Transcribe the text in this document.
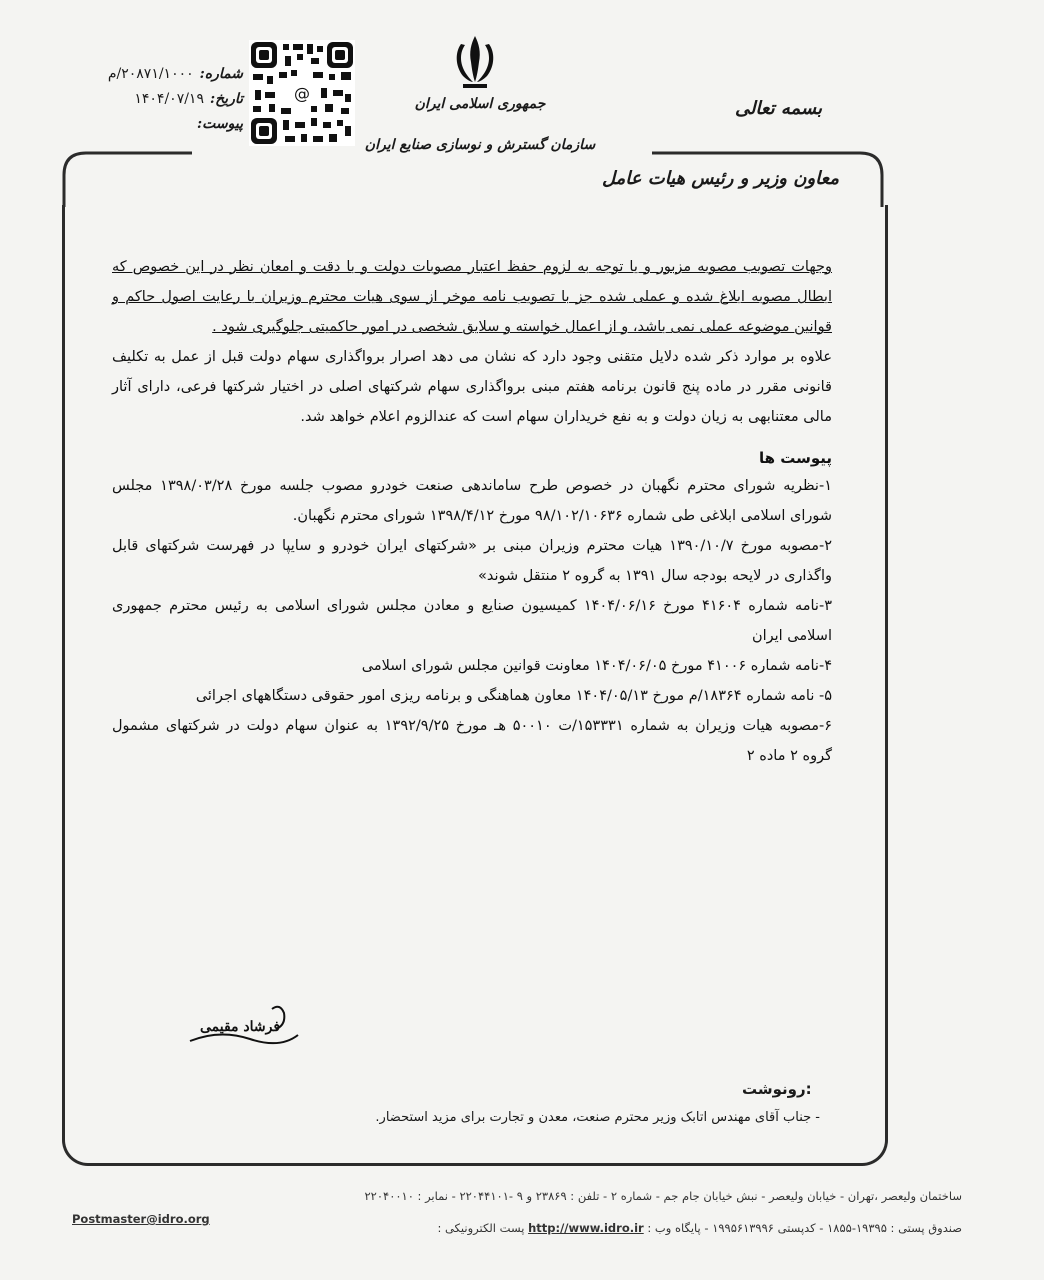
جمهوری اسلامی ایران
سازمان گسترش و نوسازی صنایع ایران
بسمه تعالی
@
شماره:
۲۰۸۷۱/۱۰۰۰/م
تاریخ:
۱۴۰۴/۰۷/۱۹
پیوست:
معاون وزیر و رئیس هیات عامل

وجهات تصویب مصوبه مزبور و یا توجه به لزوم حفظ اعتبار مصوبات دولت و با دقت و امعان نظر در این خصوص که ابطال مصوبه ابلاغ شده و عملی شده جز با تصویب نامه موخر از سوی هیات محترم وزیران با رعایت اصول حاکم و قوانین موضوعه عملی نمی باشد، و از اعمال خواسته و سلایق شخصی در امور حاکمیتی جلوگیری شود .

علاوه بر موارد ذکر شده دلایل متقنی وجود دارد که نشان می دهد اصرار برواگذاری سهام دولت قبل از عمل به تکلیف قانونی مقرر در ماده پنج قانون برنامه هفتم مبنی برواگذاری سهام شرکتهای اصلی در اختیار شرکتها فرعی، دارای آثار مالی معتنابهی به زیان دولت و به نفع خریداران سهام است که عندالزوم اعلام خواهد شد.

پیوست ها
۱-نظریه شورای محترم نگهبان در خصوص طرح ساماندهی صنعت خودرو مصوب جلسه مورخ ۱۳۹۸/۰۳/۲۸ مجلس شورای اسلامی ابلاغی طی شماره ۹۸/۱۰۲/۱۰۶۳۶ مورخ ۱۳۹۸/۴/۱۲ شورای محترم نگهبان.
۲-مصوبه مورخ ۱۳۹۰/۱۰/۷ هیات محترم وزیران مبنی بر «شرکتهای ایران خودرو و سایپا در فهرست شرکتهای قابل واگذاری در لایحه بودجه سال ۱۳۹۱ به گروه ۲ منتقل شوند»
۳-نامه شماره ۴۱۶۰۴ مورخ ۱۴۰۴/۰۶/۱۶ کمیسیون صنایع و معادن مجلس شورای اسلامی به رئیس محترم جمهوری اسلامی ایران
۴-نامه شماره ۴۱۰۰۶ مورخ ۱۴۰۴/۰۶/۰۵ معاونت قوانین مجلس شورای اسلامی
۵- نامه شماره ۱۸۳۶۴/م مورخ ۱۴۰۴/۰۵/۱۳ معاون هماهنگی و برنامه ریزی امور حقوقی دستگاههای اجرائی
۶-مصوبه هیات وزیران به شماره ۱۵۳۳۳۱/ت ۵۰۰۱۰ هـ مورخ ۱۳۹۲/۹/۲۵ به عنوان سهام دولت در شرکتهای مشمول گروه ۲ ماده ۲
فرشاد مقیمی
رونوشت:
- جناب آقای مهندس اتابک وزیر محترم صنعت، معدن و تجارت برای مزید استحضار.
ساختمان ولیعصر ،تهران - خیابان ولیعصر - نبش خیابان جام جم - شماره ۲ - تلفن : ۲۳۸۶۹ و ۹ -۲۲۰۴۴۱۰۱ - نمابر : ۲۲۰۴۰۰۱۰
صندوق پستی : ۱۹۳۹۵-۱۸۵۵ - کدپستی ۱۹۹۵۶۱۳۹۹۶ - پایگاه وب : http://www.idro.ir پست الکترونیکی :
Postmaster@idro.org
